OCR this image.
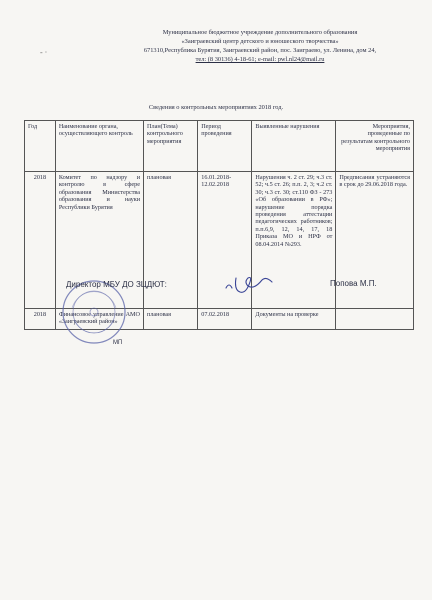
- ·
Муниципальное бюджетное учреждение дополнительного образования
«Заиграевский центр детского и юношеского творчества»
671310,Республика Бурятия, Заиграевский район, пос. Заиграево, ул. Ленина, дом 24,
тел: (8 30136) 4-18-61; e-mail: pwl.nl24@mail.ru
Сведения о контрольных мероприятиях 2018 год.
Год	Наименование органа, осуществляющего контроль	План(Тема) контрольного мероприятия	Период проведения	Выявленные нарушения	Мероприятия, проведенные по результатам контрольного мероприятия
2018	Комитет по надзору и контролю в сфере образования Министерства образования и науки Республики Бурятия	плановая	16.01.2018-12.02.2018	Нарушения ч. 2 ст. 29; ч.3 ст. 52; ч.5 ст. 26; п.п. 2, 3; ч.2 ст. 30; ч.3 ст. 30; ст.110 ФЗ - 273 «Об образовании в РФ»; нарушение порядка проведения аттестации педагогических работников; п.п.6,9, 12, 14, 17, 18 Приказа МО и НРФ от 08.04.2014 №293.	Предписания устраняются в срок до 29.06.2018 года.
2018	Финансовое управление АМО «Заиграевский район»	плановая	07.02.2018	Документы на проверке	
Директор МБУ ДО ЗЦДЮТ:	Попова М.П.
МП
